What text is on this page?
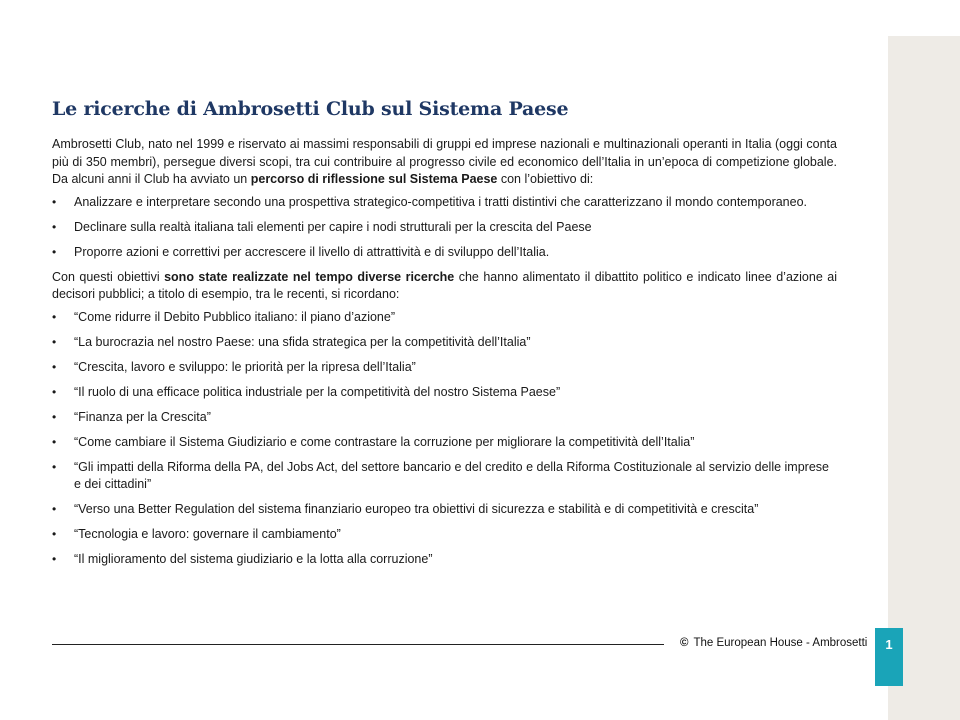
Le ricerche di Ambrosetti Club sul Sistema Paese

Ambrosetti Club, nato nel 1999 e riservato ai massimi responsabili di gruppi ed imprese nazionali e multinazionali operanti in Italia (oggi conta più di 350 membri), persegue diversi scopi, tra cui contribuire al progresso civile ed economico dell’Italia in un’epoca di competizione globale. Da alcuni anni il Club ha avviato un percorso di riflessione sul Sistema Paese con l’obiettivo di:

• Analizzare e interpretare secondo una prospettiva strategico-competitiva i tratti distintivi che caratterizzano il mondo contemporaneo.
• Declinare sulla realtà italiana tali elementi per capire i nodi strutturali per la crescita del Paese
• Proporre azioni e correttivi per accrescere il livello di attrattività e di sviluppo dell’Italia.

Con questi obiettivi sono state realizzate nel tempo diverse ricerche che hanno alimentato il dibattito politico e indicato linee d’azione ai decisori pubblici; a titolo di esempio, tra le recenti, si ricordano:

• “Come ridurre il Debito Pubblico italiano: il piano d’azione”
• “La burocrazia nel nostro Paese: una sfida strategica per la competitività dell’Italia”
• “Crescita, lavoro e sviluppo: le priorità per la ripresa dell’Italia”
• “Il ruolo di una efficace politica industriale per la competitività del nostro Sistema Paese”
• “Finanza per la Crescita”
• “Come cambiare il Sistema Giudiziario e come contrastare la corruzione per migliorare la competitività dell’Italia”
• “Gli impatti della Riforma della PA, del Jobs Act, del settore bancario e del credito e della Riforma Costituzionale al servizio delle imprese e dei cittadini”
• “Verso una Better Regulation del sistema finanziario europeo tra obiettivi di sicurezza e stabilità e di competitività e crescita”
• “Tecnologia e lavoro: governare il cambiamento”
• “Il miglioramento del sistema giudiziario e la lotta alla corruzione”
© The European House - Ambrosetti	1
